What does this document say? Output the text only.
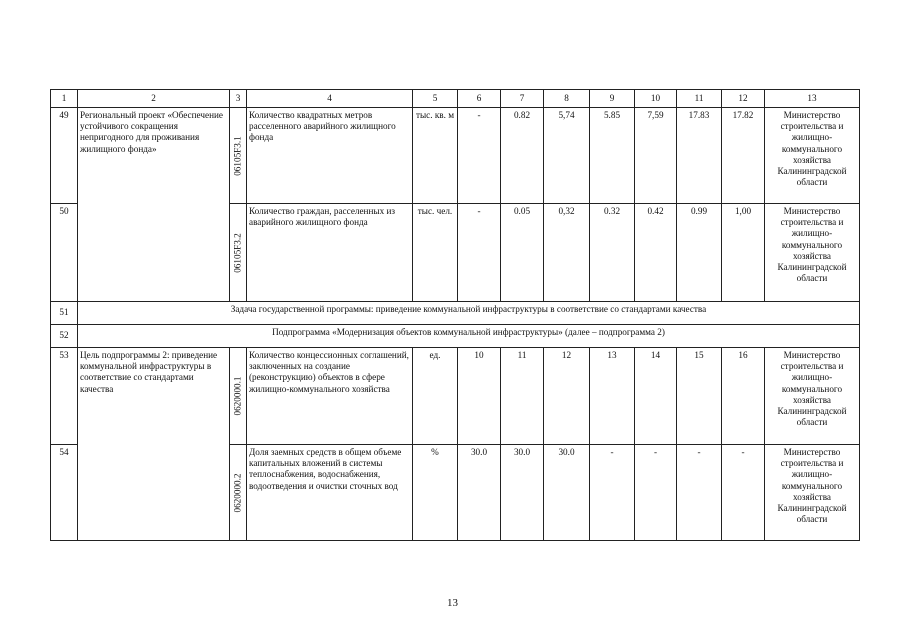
1	2	3	4	5	6	7	8	9	10	11	12	13
49	Региональный проект «Обеспечение устойчивого сокращения непригодного для проживания жилищного фонда»	06105F3.1	Количество квадратных метров расселенного аварийного жилищного фонда	тыс. кв. м	-	0.82	5,74	5.85	7,59	17.83	17.82	Министерство строительства и жилищно-коммунального хозяйства Калининградской области
50		06105F3.2	Количество граждан, расселенных из аварийного жилищного фонда	тыс. чел.	-	0.05	0,32	0.32	0.42	0.99	1,00	Министерство строительства и жилищно-коммунального хозяйства Калининградской области
51	Задача государственной программы: приведение коммунальной инфраструктуры в соответствие со стандартами качества											
52	Подпрограмма «Модернизация объектов коммунальной инфраструктуры» (далее – подпрограмма 2)											
53	Цель подпрограммы 2: приведение коммунальной инфраструктуры в соответствие со стандартами качества	0620000.1	Количество концессионных соглашений, заключенных на создание (реконструкцию) объектов в сфере жилищно-коммунального хозяйства	ед.	10	11	12	13	14	15	16	Министерство строительства и жилищно-коммунального хозяйства Калининградской области
54		0620000.2	Доля заемных средств в общем объеме капитальных вложений в системы теплоснабжения, водоснабжения, водоотведения и очистки сточных вод	%	30.0	30.0	30.0	-	-	-	-	Министерство строительства и жилищно-коммунального хозяйства Калининградской области
13
